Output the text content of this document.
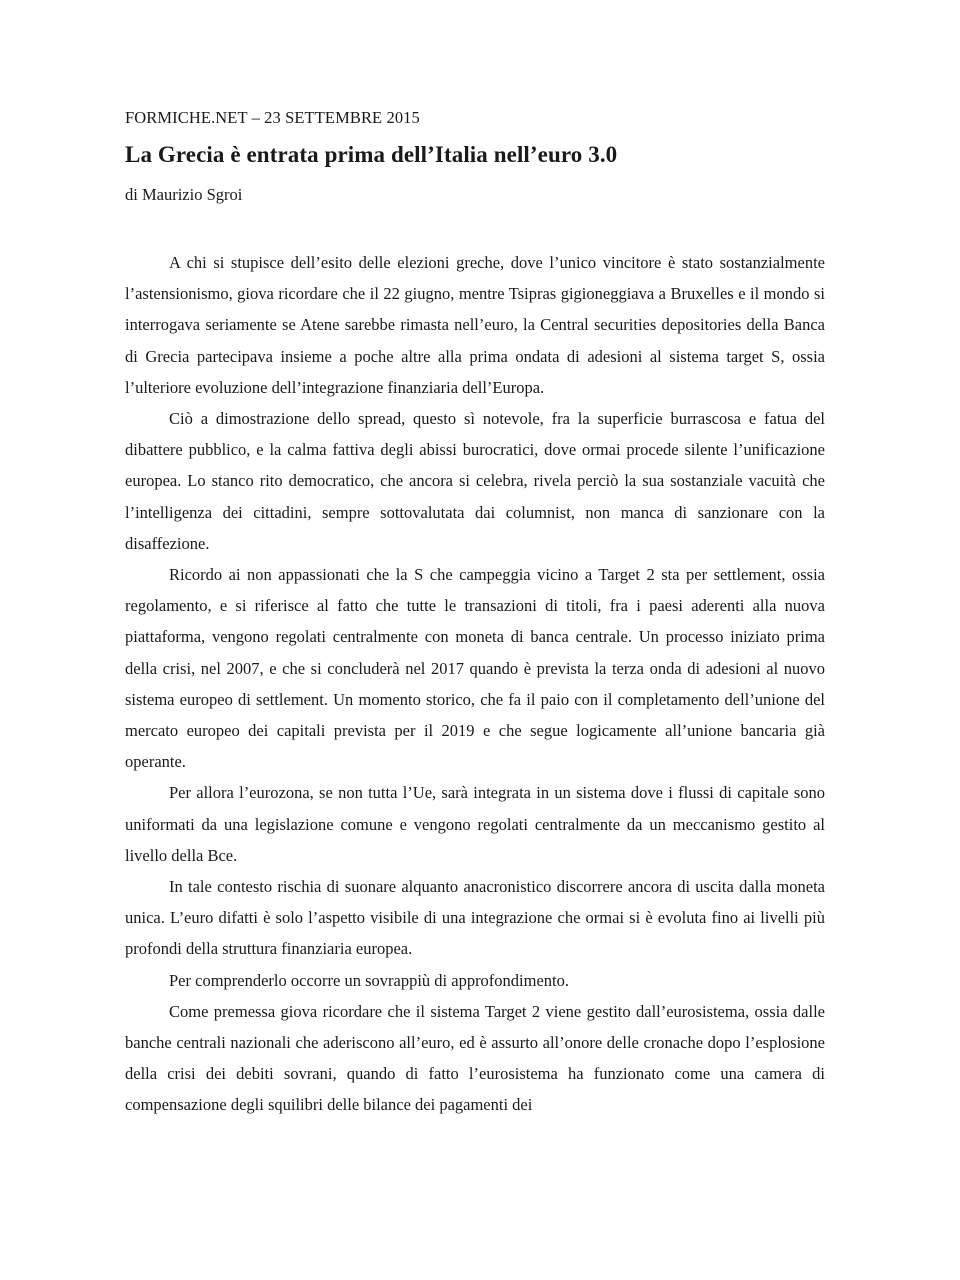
FORMICHE.NET – 23 SETTEMBRE 2015

La Grecia è entrata prima dell’Italia nell’euro 3.0

di Maurizio Sgroi

A chi si stupisce dell’esito delle elezioni greche, dove l’unico vincitore è stato sostanzialmente l’astensionismo, giova ricordare che il 22 giugno, mentre Tsipras gigioneggiava a Bruxelles e il mondo si interrogava seriamente se Atene sarebbe rimasta nell’euro, la Central securities depositories della Banca di Grecia partecipava insieme a poche altre alla prima ondata di adesioni al sistema target S, ossia l’ulteriore evoluzione dell’integrazione finanziaria dell’Europa.

Ciò a dimostrazione dello spread, questo sì notevole, fra la superficie burrascosa e fatua del dibattere pubblico, e la calma fattiva degli abissi burocratici, dove ormai procede silente l’unificazione europea. Lo stanco rito democratico, che ancora si celebra, rivela perciò la sua sostanziale vacuità che l’intelligenza dei cittadini, sempre sottovalutata dai columnist, non manca di sanzionare con la disaffezione.

Ricordo ai non appassionati che la S che campeggia vicino a Target 2 sta per settlement, ossia regolamento, e si riferisce al fatto che tutte le transazioni di titoli, fra i paesi aderenti alla nuova piattaforma, vengono regolati centralmente con moneta di banca centrale. Un processo iniziato prima della crisi, nel 2007, e che si concluderà nel 2017 quando è prevista la terza onda di adesioni al nuovo sistema europeo di settlement. Un momento storico, che fa il paio con il completamento dell’unione del mercato europeo dei capitali prevista per il 2019 e che segue logicamente all’unione bancaria già operante.

Per allora l’eurozona, se non tutta l’Ue, sarà integrata in un sistema dove i flussi di capitale sono uniformati da una legislazione comune e vengono regolati centralmente da un meccanismo gestito al livello della Bce.

In tale contesto rischia di suonare alquanto anacronistico discorrere ancora di uscita dalla moneta unica. L’euro difatti è solo l’aspetto visibile di una integrazione che ormai si è evoluta fino ai livelli più profondi della struttura finanziaria europea.

Per comprenderlo occorre un sovrappiù di approfondimento.

Come premessa giova ricordare che il sistema Target 2 viene gestito dall’eurosistema, ossia dalle banche centrali nazionali che aderiscono all’euro, ed è assurto all’onore delle cronache dopo l’esplosione della crisi dei debiti sovrani, quando di fatto l’eurosistema ha funzionato come una camera di compensazione degli squilibri delle bilance dei pagamenti dei
